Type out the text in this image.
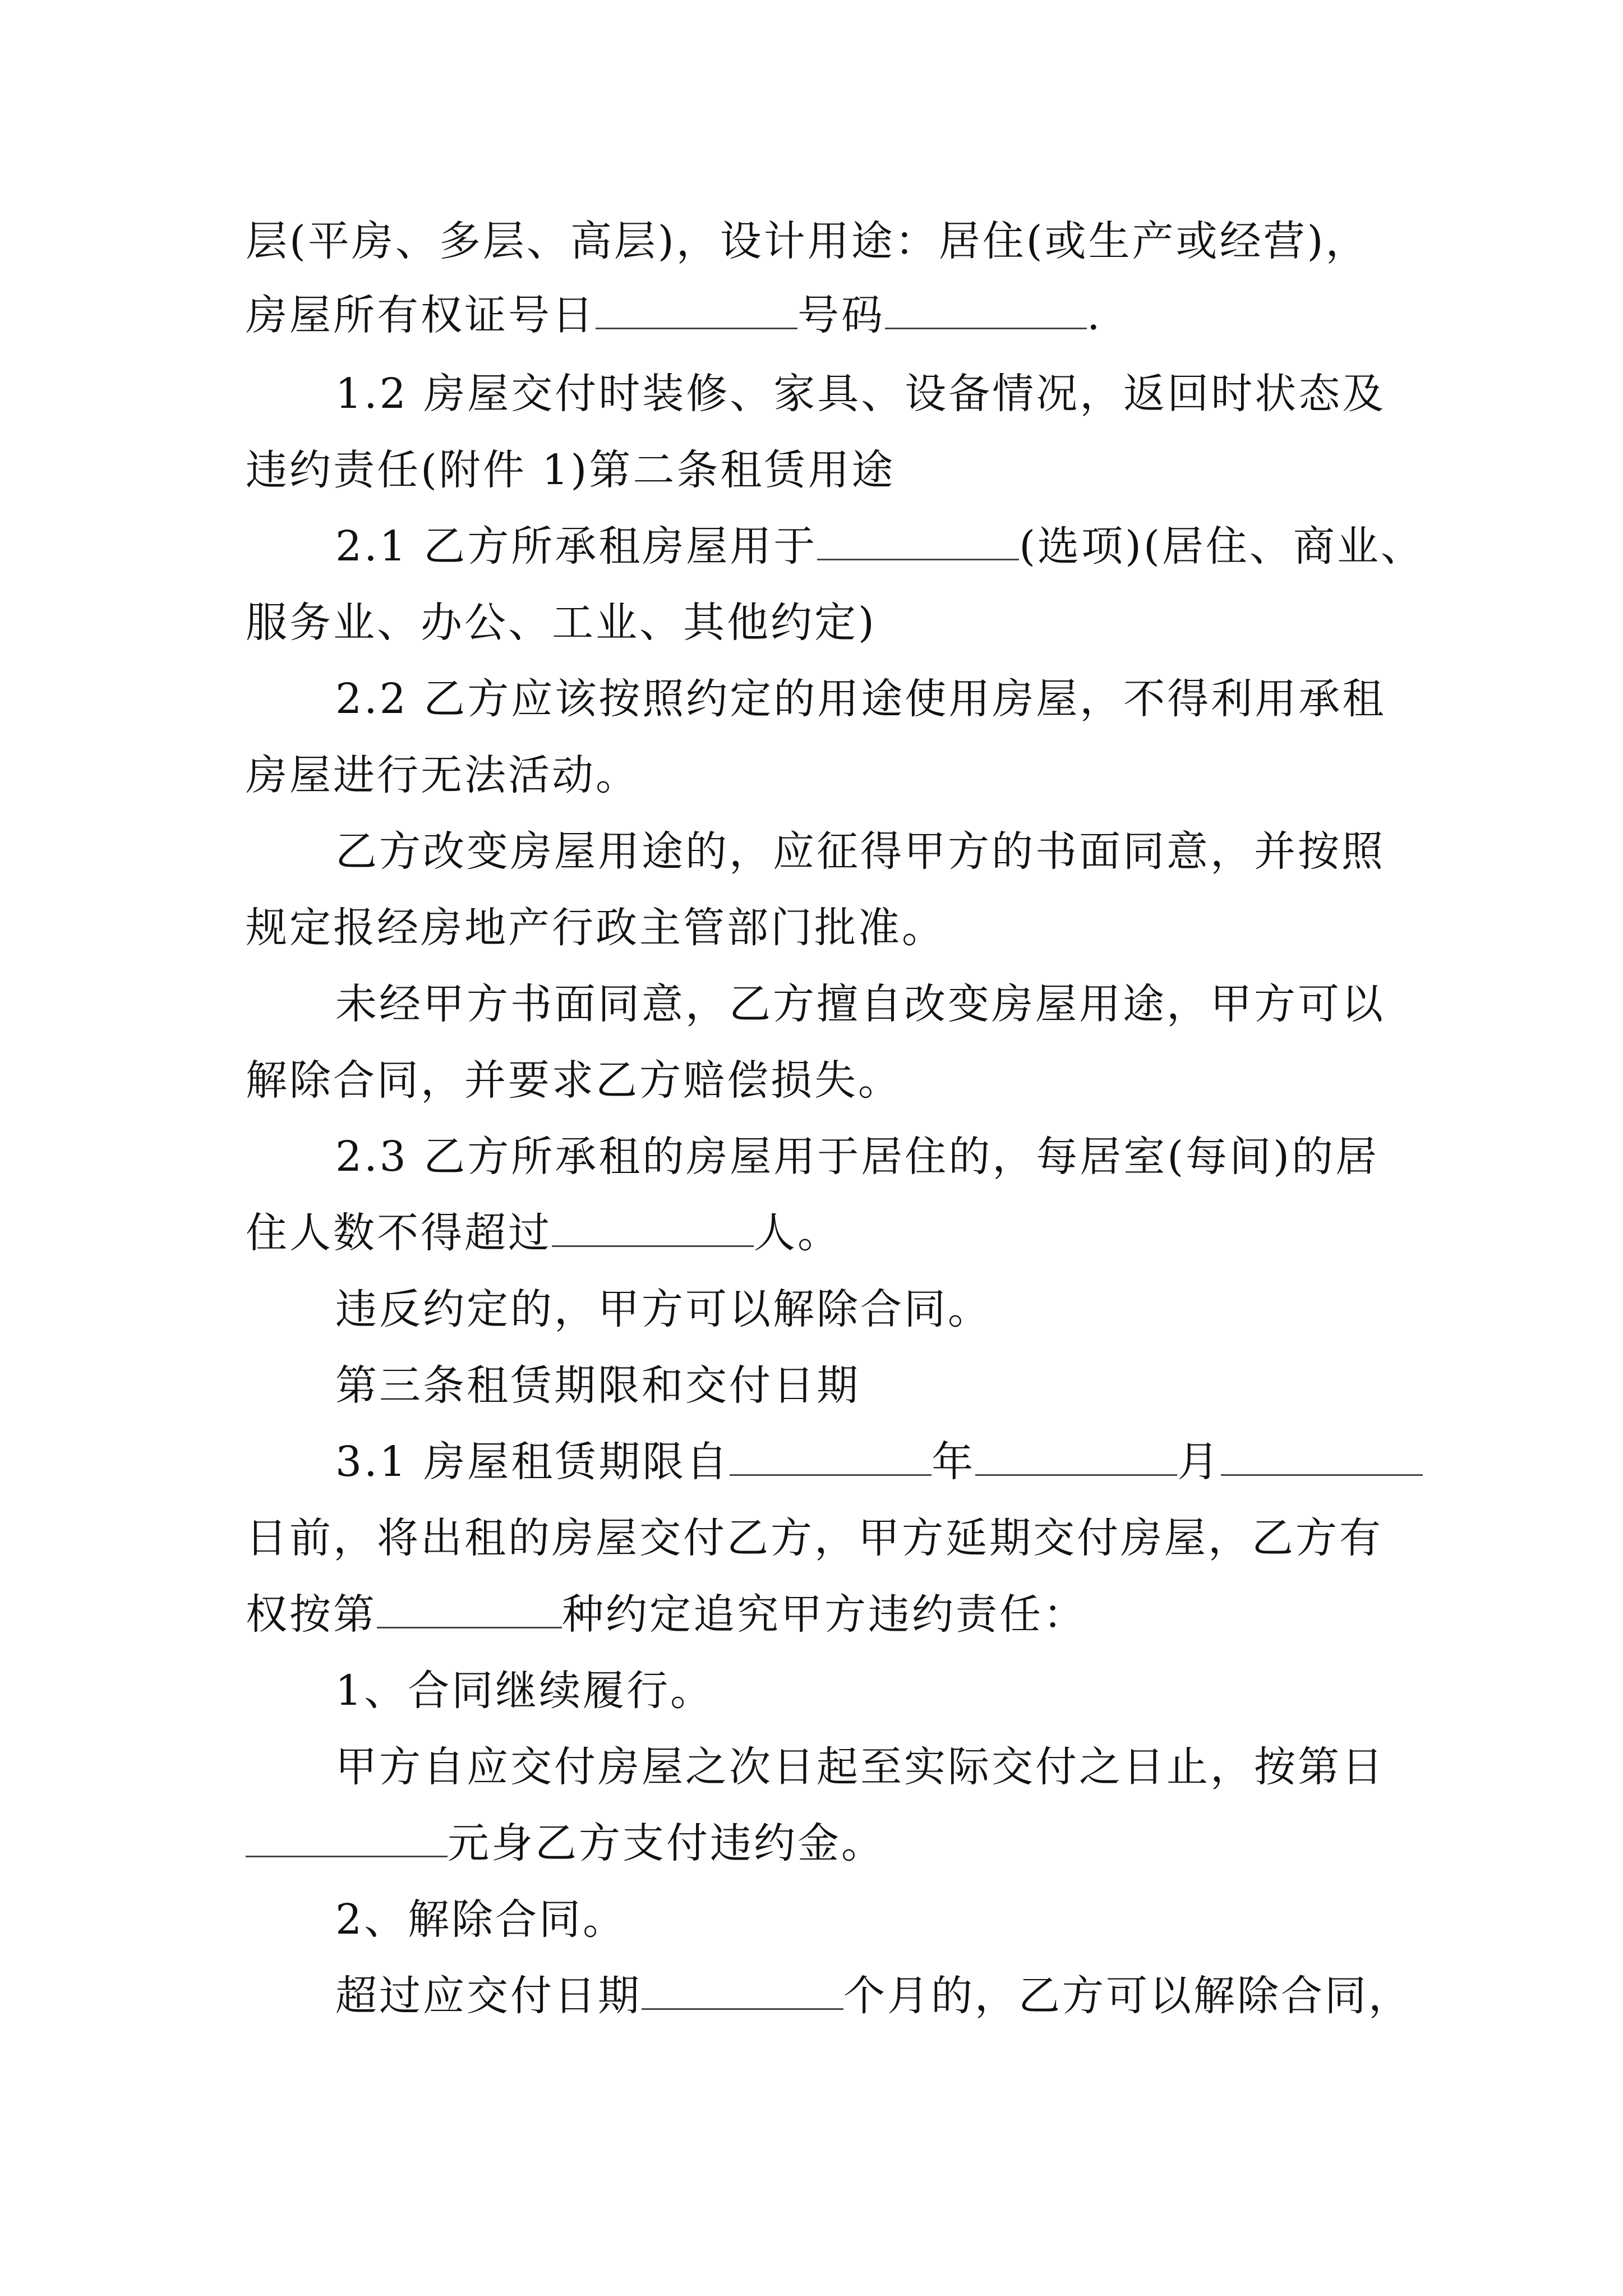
层(平房、多层、高层)，设计用途：居住(或生产或经营)，
房屋所有权证号日	号码	.
1.2 房屋交付时装修、家具、设备情况，返回时状态及
违约责任(附件 1)第二条租赁用途
2.1 乙方所承租房屋用于	(选项)(居住、商业、
服务业、办公、工业、其他约定)
2.2 乙方应该按照约定的用途使用房屋，不得利用承租
房屋进行无法活动。
乙方改变房屋用途的，应征得甲方的书面同意，并按照
规定报经房地产行政主管部门批准。
未经甲方书面同意，乙方擅自改变房屋用途，甲方可以
解除合同，并要求乙方赔偿损失。
2.3 乙方所承租的房屋用于居住的，每居室(每间)的居
住人数不得超过	人。
违反约定的，甲方可以解除合同。
第三条租赁期限和交付日期
3.1 房屋租赁期限自	年	月
日前，将出租的房屋交付乙方，甲方延期交付房屋，乙方有
权按第	种约定追究甲方违约责任：
1、合同继续履行。
甲方自应交付房屋之次日起至实际交付之日止，按第日
元身乙方支付违约金。
2、解除合同。
超过应交付日期	个月的，乙方可以解除合同，
